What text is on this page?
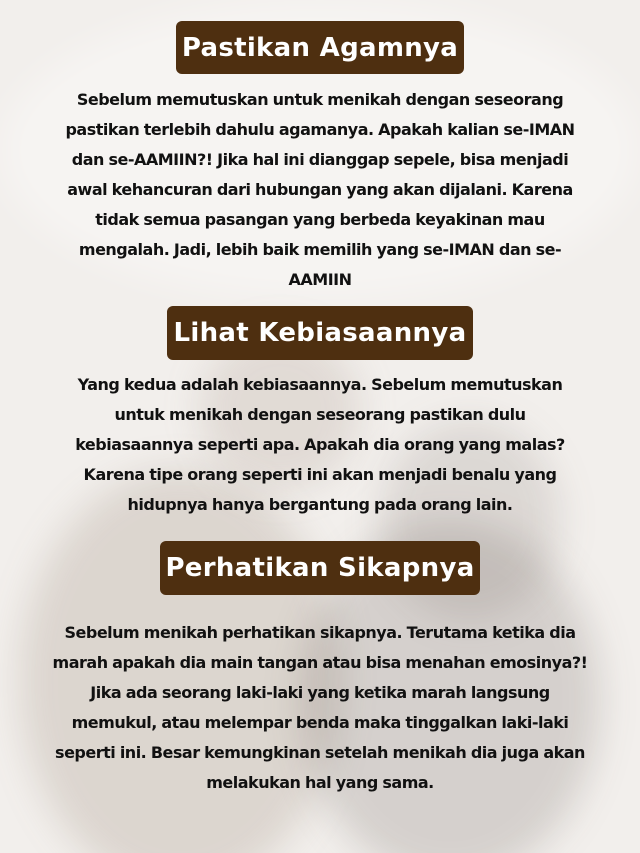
Pastikan Agamnya
Sebelum memutuskan untuk menikah dengan seseorang pastikan terlebih dahulu agamanya. Apakah kalian se-IMAN dan se-AAMIIN?! Jika hal ini dianggap sepele, bisa menjadi awal kehancuran dari hubungan yang akan dijalani. Karena tidak semua pasangan yang berbeda keyakinan mau mengalah. Jadi, lebih baik memilih yang se-IMAN dan se-AAMIIN
Lihat Kebiasaannya
Yang kedua adalah kebiasaannya. Sebelum memutuskan untuk menikah dengan seseorang pastikan dulu kebiasaannya seperti apa. Apakah dia orang yang malas? Karena tipe orang seperti ini akan menjadi benalu yang hidupnya hanya bergantung pada orang lain.
Perhatikan Sikapnya
Sebelum menikah perhatikan sikapnya. Terutama ketika dia marah apakah dia main tangan atau bisa menahan emosinya?! Jika ada seorang laki-laki yang ketika marah langsung memukul, atau melempar benda maka tinggalkan laki-laki seperti ini. Besar kemungkinan setelah menikah dia juga akan melakukan hal yang sama.
